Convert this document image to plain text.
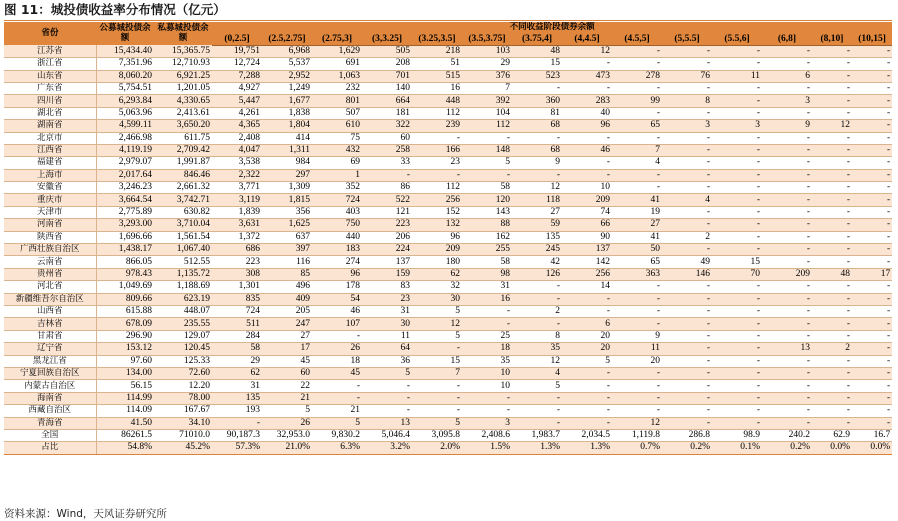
图 11：城投债收益率分布情况（亿元）
省份	公募城投债余额	私募城投债余额	不同收益阶段债券余额													
			(0,2.5]	(2.5,2.75]	(2.75,3]	(3,3.25]	(3.25,3.5]	(3.5,3.75]	(3.75,4]	(4,4.5]	(4.5,5]	(5,5.5]	(5.5,6]	(6,8]	(8,10]	(10,15]
江苏省	15,434.40	15,365.75	19,751	6,968	1,629	505	218	103	48	12	-	-	-	-	-	-
浙江省	7,351.96	12,710.93	12,724	5,537	691	208	51	29	15	-	-	-	-	-	-	-
山东省	8,060.20	6,921.25	7,288	2,952	1,063	701	515	376	523	473	278	76	11	6	-	-
广东省	5,754.51	1,201.05	4,927	1,249	232	140	16	7	-	-	-	-	-	-	-	-
四川省	6,293.84	4,330.65	5,447	1,677	801	664	448	392	360	283	99	8	-	3	-	-
湖北省	5,063.96	2,413.61	4,261	1,838	507	181	112	104	81	40	-	-	-	-	-	-
湖南省	4,599.11	3,650.20	4,365	1,804	610	322	239	112	68	96	65	3	3	9	12	-
北京市	2,466.98	611.75	2,408	414	75	60	-	-	-	-	-	-	-	-	-	-
江西省	4,119.19	2,709.42	4,047	1,311	432	258	166	148	68	46	7	-	-	-	-	-
福建省	2,979.07	1,991.87	3,538	984	69	33	23	5	9	-	4	-	-	-	-	-
上海市	2,017.64	846.46	2,322	297	1	-	-	-	-	-	-	-	-	-	-	-
安徽省	3,246.23	2,661.32	3,771	1,309	352	86	112	58	12	10	-	-	-	-	-	-
重庆市	3,664.54	3,742.71	3,119	1,815	724	522	256	120	118	209	41	4	-	-	-	-
天津市	2,775.89	630.82	1,839	356	403	121	152	143	27	74	19	-	-	-	-	-
河南省	3,293.00	3,710.04	3,631	1,625	750	223	132	88	59	66	27	-	-	-	-	-
陕西省	1,696.66	1,561.54	1,372	637	440	206	96	162	135	90	41	2	-	-	-	-
广西壮族自治区	1,438.17	1,067.40	686	397	183	224	209	255	245	137	50	-	-	-	-	-
云南省	866.05	512.55	223	116	274	137	180	58	42	142	65	49	15	-	-	-
贵州省	978.43	1,135.72	308	85	96	159	62	98	126	256	363	146	70	209	48	17
河北省	1,049.69	1,188.69	1,301	496	178	83	32	31	-	14	-	-	-	-	-	-
新疆维吾尔自治区	809.66	623.19	835	409	54	23	30	16	-	-	-	-	-	-	-	-
山西省	615.88	448.07	724	205	46	31	5	-	2	-	-	-	-	-	-	-
吉林省	678.09	235.55	511	247	107	30	12	-	-	6	-	-	-	-	-	-
甘肃省	296.90	129.07	284	27	-	11	5	25	8	20	9	-	-	-	-	-
辽宁省	153.12	120.45	58	17	26	64	-	18	35	20	11	-	-	13	2	-
黑龙江省	97.60	125.33	29	45	18	36	15	35	12	5	20	-	-	-	-	-
宁夏回族自治区	134.00	72.60	62	60	45	5	7	10	4	-	-	-	-	-	-	-
内蒙古自治区	56.15	12.20	31	22	-	-	-	10	5	-	-	-	-	-	-	-
海南省	114.99	78.00	135	21	-	-	-	-	-	-	-	-	-	-	-	-
西藏自治区	114.09	167.67	193	5	21	-	-	-	-	-	-	-	-	-	-	-
青海省	41.50	34.10	-	26	5	13	5	3	-	-	12	-	-	-	-	-
全国	86261.5	71010.0	90,187.3	32,953.0	9,830.2	5,046.4	3,095.8	2,408.6	1,983.7	2,034.5	1,119.8	286.8	98.9	240.2	62.9	16.7
占比	54.8%	45.2%	57.3%	21.0%	6.3%	3.2%	2.0%	1.5%	1.3%	1.3%	0.7%	0.2%	0.1%	0.2%	0.0%	0.0%
资料来源：Wind，天风证券研究所
